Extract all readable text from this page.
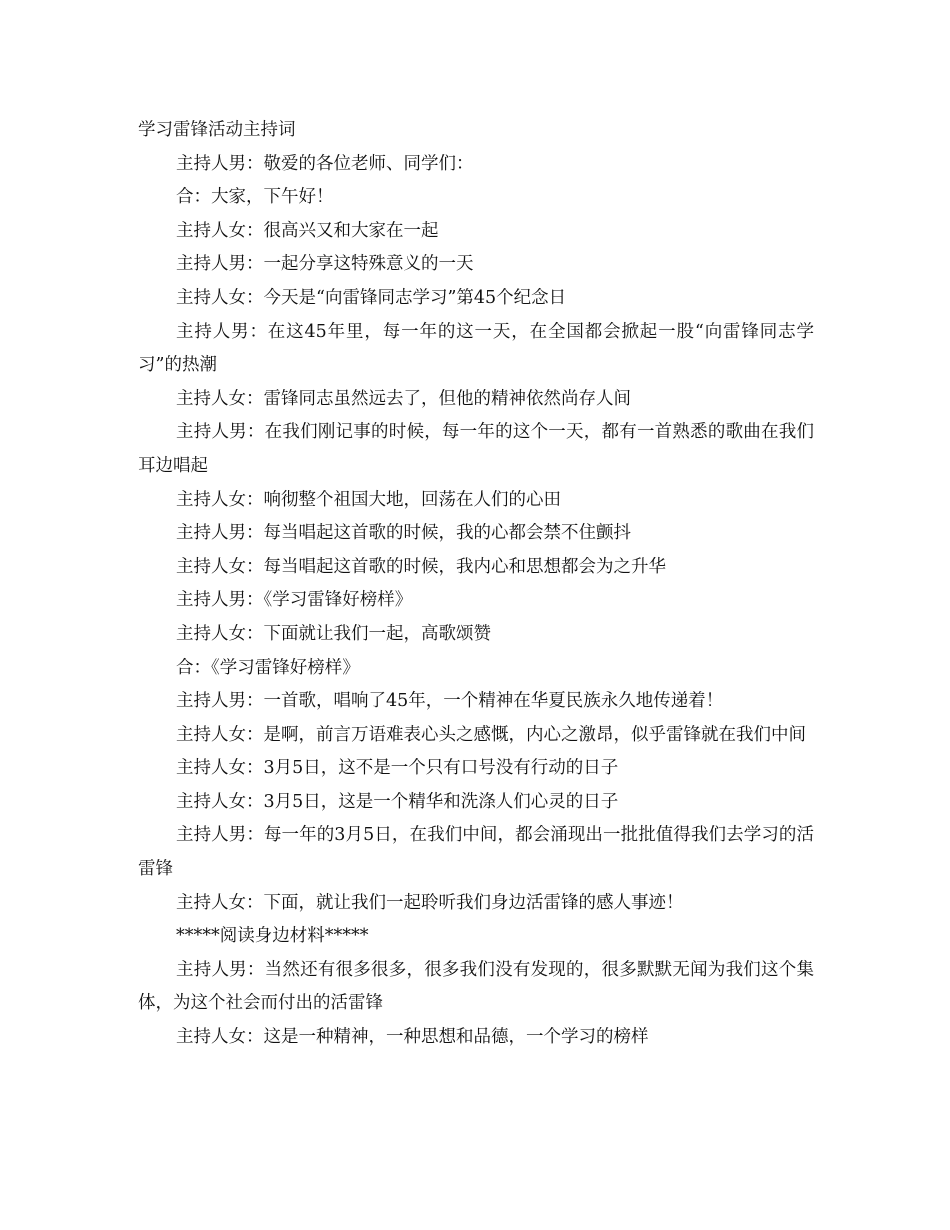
学习雷锋活动主持词

主持人男：敬爱的各位老师、同学们：

合：大家，下午好！

主持人女：很高兴又和大家在一起

主持人男：一起分享这特殊意义的一天

主持人女：今天是“向雷锋同志学习”第45个纪念日

主持人男：在这45年里，每一年的这一天，在全国都会掀起一股“向雷锋同志学习”的热潮

主持人女：雷锋同志虽然远去了，但他的精神依然尚存人间

主持人男：在我们刚记事的时候，每一年的这个一天，都有一首熟悉的歌曲在我们耳边唱起

主持人女：响彻整个祖国大地，回荡在人们的心田

主持人男：每当唱起这首歌的时候，我的心都会禁不住颤抖

主持人女：每当唱起这首歌的时候，我内心和思想都会为之升华

主持人男：《学习雷锋好榜样》

主持人女：下面就让我们一起，高歌颂赞

合：《学习雷锋好榜样》

主持人男：一首歌，唱响了45年，一个精神在华夏民族永久地传递着！

主持人女：是啊，前言万语难表心头之感慨，内心之激昂，似乎雷锋就在我们中间

主持人女：3月5日，这不是一个只有口号没有行动的日子

主持人女：3月5日，这是一个精华和洗涤人们心灵的日子

主持人男：每一年的3月5日，在我们中间，都会涌现出一批批值得我们去学习的活雷锋

主持人女：下面，就让我们一起聆听我们身边活雷锋的感人事迹！

*****阅读身边材料*****

主持人男：当然还有很多很多，很多我们没有发现的，很多默默无闻为我们这个集体，为这个社会而付出的活雷锋

主持人女：这是一种精神，一种思想和品德，一个学习的榜样
